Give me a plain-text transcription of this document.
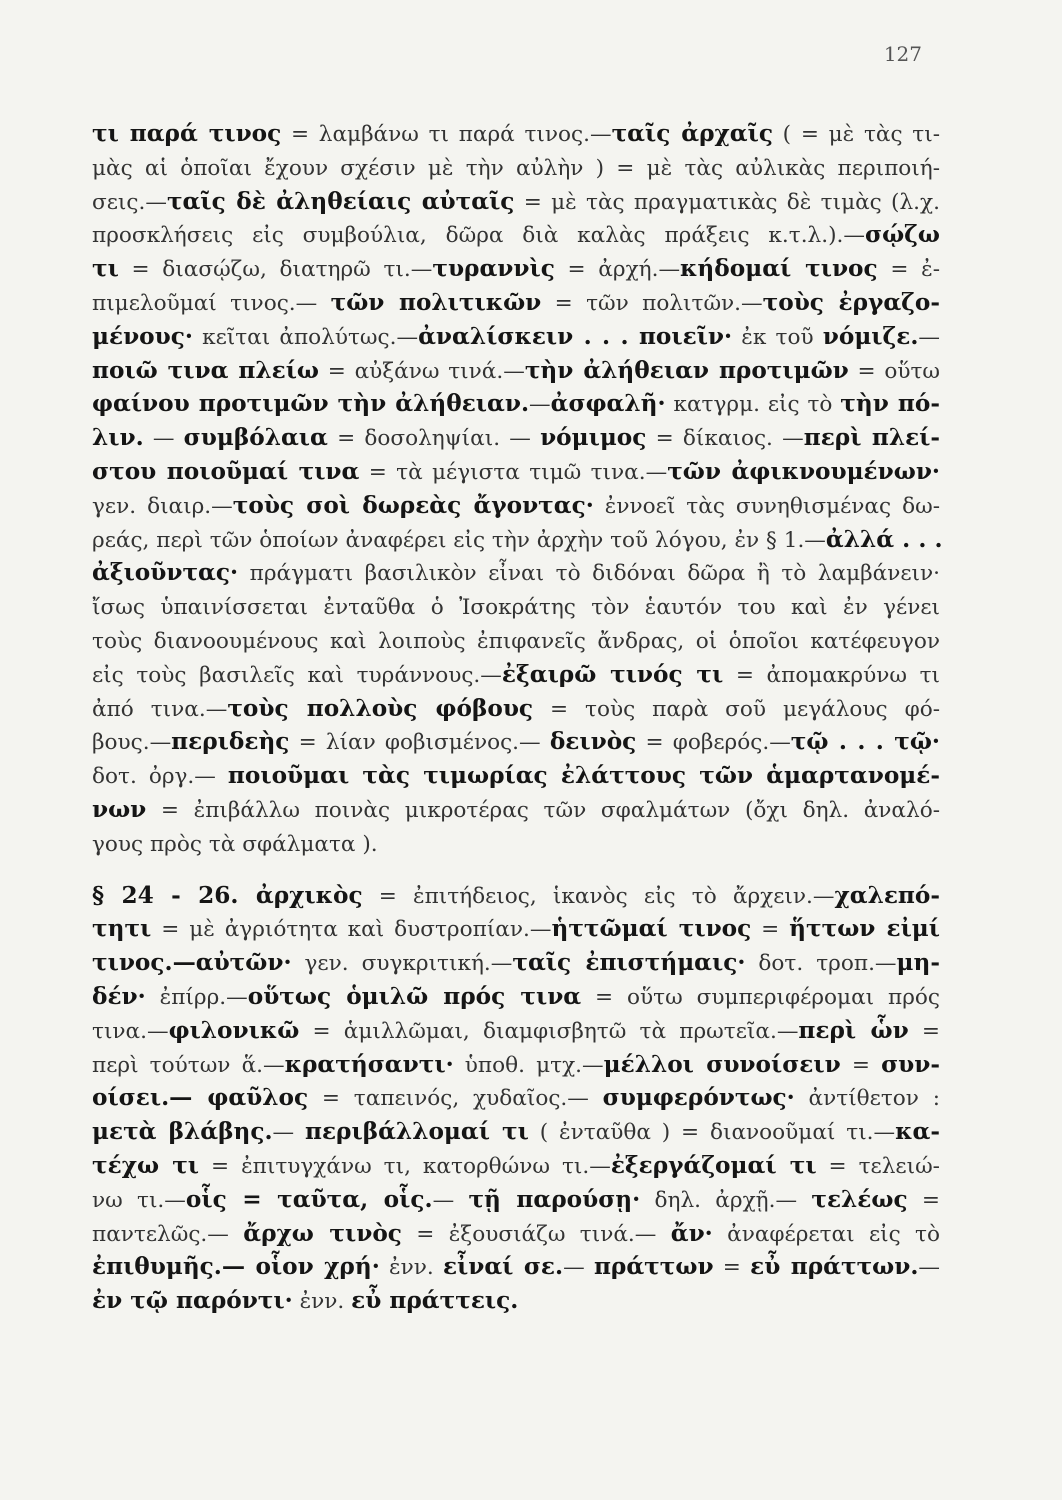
127
τι παρά τινος = λαμβάνω τι παρά τινος.—ταῖς ἀρχαῖς ( = μὲ τὰς τι-
μὰς αἱ ὁποῖαι ἔχουν σχέσιν μὲ τὴν αὐλὴν ) = μὲ τὰς αὐλικὰς περιποιή-
σεις.—ταῖς δὲ ἀληθείαις αὐταῖς = μὲ τὰς πραγματικὰς δὲ τιμὰς (λ.χ.
προσκλήσεις εἰς συμβούλια, δῶρα διὰ καλὰς πράξεις κ.τ.λ.).—σῴζω
τι = διασῴζω, διατηρῶ τι.—τυραννὶς = ἀρχή.—κήδομαί τινος = ἐ-
πιμελοῦμαί τινος.— τῶν πολιτικῶν = τῶν πολιτῶν.—τοὺς ἐργαζο-
μένους· κεῖται ἀπολύτως.—ἀναλίσκειν . . . ποιεῖν· ἐκ τοῦ νόμιζε.—
ποιῶ τινα πλείω = αὐξάνω τινά.—τὴν ἀλήθειαν προτιμῶν = οὕτω
φαίνου προτιμῶν τὴν ἀλήθειαν.—ἀσφαλῆ· κατγρμ. εἰς τὸ τὴν πό-
λιν. — συμβόλαια = δοσοληψίαι. — νόμιμος = δίκαιος. —περὶ πλεί-
στου ποιοῦμαί τινα = τὰ μέγιστα τιμῶ τινα.—τῶν ἀφικνουμένων·
γεν. διαιρ.—τοὺς σοὶ δωρεὰς ἄγοντας· ἐννοεῖ τὰς συνηθισμένας δω-
ρεάς, περὶ τῶν ὁποίων ἀναφέρει εἰς τὴν ἀρχὴν τοῦ λόγου, ἐν § 1.—ἀλλά . . .
ἀξιοῦντας· πράγματι βασιλικὸν εἶναι τὸ διδόναι δῶρα ἢ τὸ λαμβάνειν·
ἴσως ὑπαινίσσεται ἐνταῦθα ὁ Ἰσοκράτης τὸν ἑαυτόν του καὶ ἐν γένει
τοὺς διανοουμένους καὶ λοιποὺς ἐπιφανεῖς ἄνδρας, οἱ ὁποῖοι κατέφευγον
εἰς τοὺς βασιλεῖς καὶ τυράννους.—ἐξαιρῶ τινός τι = ἀπομακρύνω τι
ἀπό τινα.—τοὺς πολλοὺς φόβους = τοὺς παρὰ σοῦ μεγάλους φό-
βους.—περιδεὴς = λίαν φοβισμένος.— δεινὸς = φοβερός.—τῷ . . . τῷ·
δοτ. ὀργ.— ποιοῦμαι τὰς τιμωρίας ἐλάττους τῶν ἁμαρτανομέ-
νων = ἐπιβάλλω ποινὰς μικροτέρας τῶν σφαλμάτων (ὄχι δηλ. ἀναλό-
γους πρὸς τὰ σφάλματα ).
§ 24 - 26. ἀρχικὸς = ἐπιτήδειος, ἱκανὸς εἰς τὸ ἄρχειν.—χαλεπό-
τητι = μὲ ἀγριότητα καὶ δυστροπίαν.—ἡττῶμαί τινος = ἥττων εἰμί
τινος.—αὐτῶν· γεν. συγκριτική.—ταῖς ἐπιστήμαις· δοτ. τροπ.—μη-
δέν· ἐπίρρ.—οὕτως ὁμιλῶ πρός τινα = οὕτω συμπεριφέρομαι πρός
τινα.—φιλονικῶ = ἁμιλλῶμαι, διαμφισβητῶ τὰ πρωτεῖα.—περὶ ὧν =
περὶ τούτων ἅ.—κρατήσαντι· ὑποθ. μτχ.—μέλλοι συνοίσειν = συν-
οίσει.— φαῦλος = ταπεινός, χυδαῖος.— συμφερόντως· ἀντίθετον :
μετὰ βλάβης.— περιβάλλομαί τι ( ἐνταῦθα ) = διανοοῦμαί τι.—κα-
τέχω τι = ἐπιτυγχάνω τι, κατορθώνω τι.—ἐξεργάζομαί τι = τελειώ-
νω τι.—οἷς = ταῦτα, οἷς.— τῇ παρούσῃ· δηλ. ἀρχῇ.— τελέως =
παντελῶς.— ἄρχω τινὸς = ἐξουσιάζω τινά.— ἄν· ἀναφέρεται εἰς τὸ
ἐπιθυμῆς.— οἷον χρή· ἐνν. εἶναί σε.— πράττων = εὖ πράττων.—
ἐν τῷ παρόντι· ἐνν. εὖ πράττεις.
